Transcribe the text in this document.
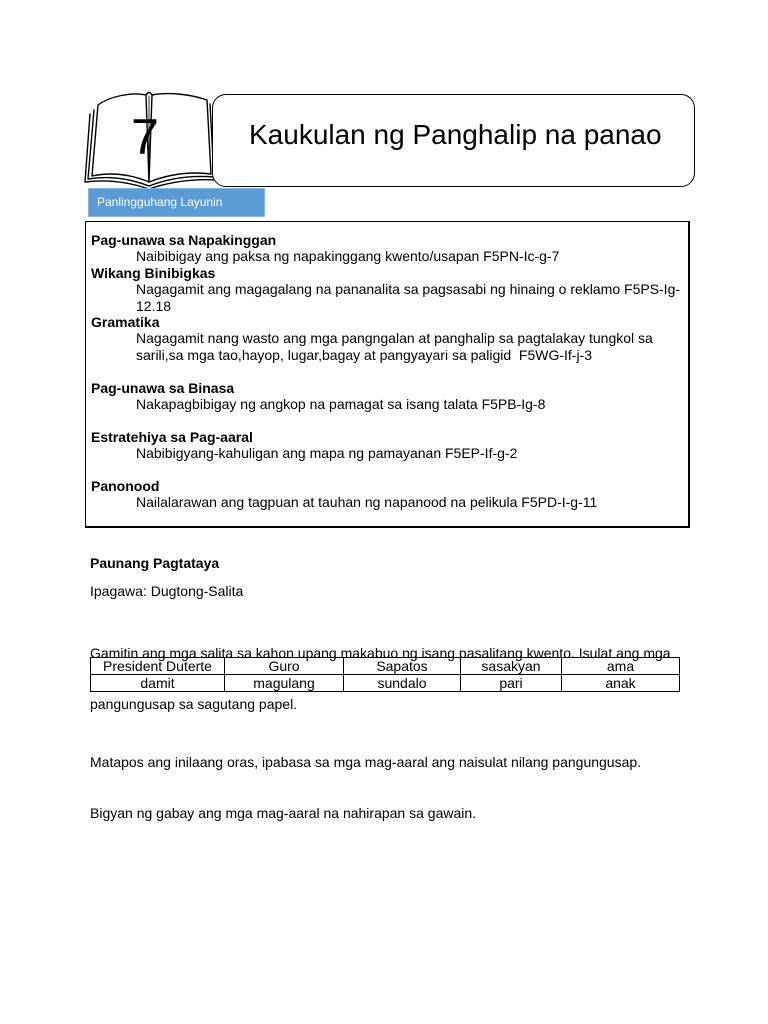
7	Kaukulan ng Panghalip na panao
Panlingguhang Layunin
Pag-unawa sa Napakinggan
Naibibigay ang paksa ng napakinggang kwento/usapan F5PN-Ic-g-7
Wikang Binibigkas
Nagagamit ang magagalang na pananalita sa pagsasabi ng hinaing o reklamo F5PS-Ig-
12.18
Gramatika
Nagagamit nang wasto ang mga pangngalan at panghalip sa pagtalakay tungkol sa
sarili,sa mga tao,hayop, lugar,bagay at pangyayari sa paligid  F5WG-If-j-3
Pag-unawa sa Binasa
Nakapagbibigay ng angkop na pamagat sa isang talata F5PB-Ig-8
Estratehiya sa Pag-aaral
Nabibigyang-kahuligan ang mapa ng pamayanan F5EP-If-g-2
Panonood
Nailalarawan ang tagpuan at tauhan ng napanood na pelikula F5PD-I-g-11
Paunang Pagtataya
Ipagawa: Dugtong-Salita

Gamitin ang mga salita sa kahon upang makabuo ng isang pasalitang kwento. Isulat ang mga

pangungusap sa sagutang papel.

President Duterte	Guro	Sapatos	sasakyan	ama
damit	magulang	sundalo	pari	anak

Matapos ang inilaang oras, ipabasa sa mga mag-aaral ang naisulat nilang pangungusap.

Bigyan ng gabay ang mga mag-aaral na nahirapan sa gawain.
